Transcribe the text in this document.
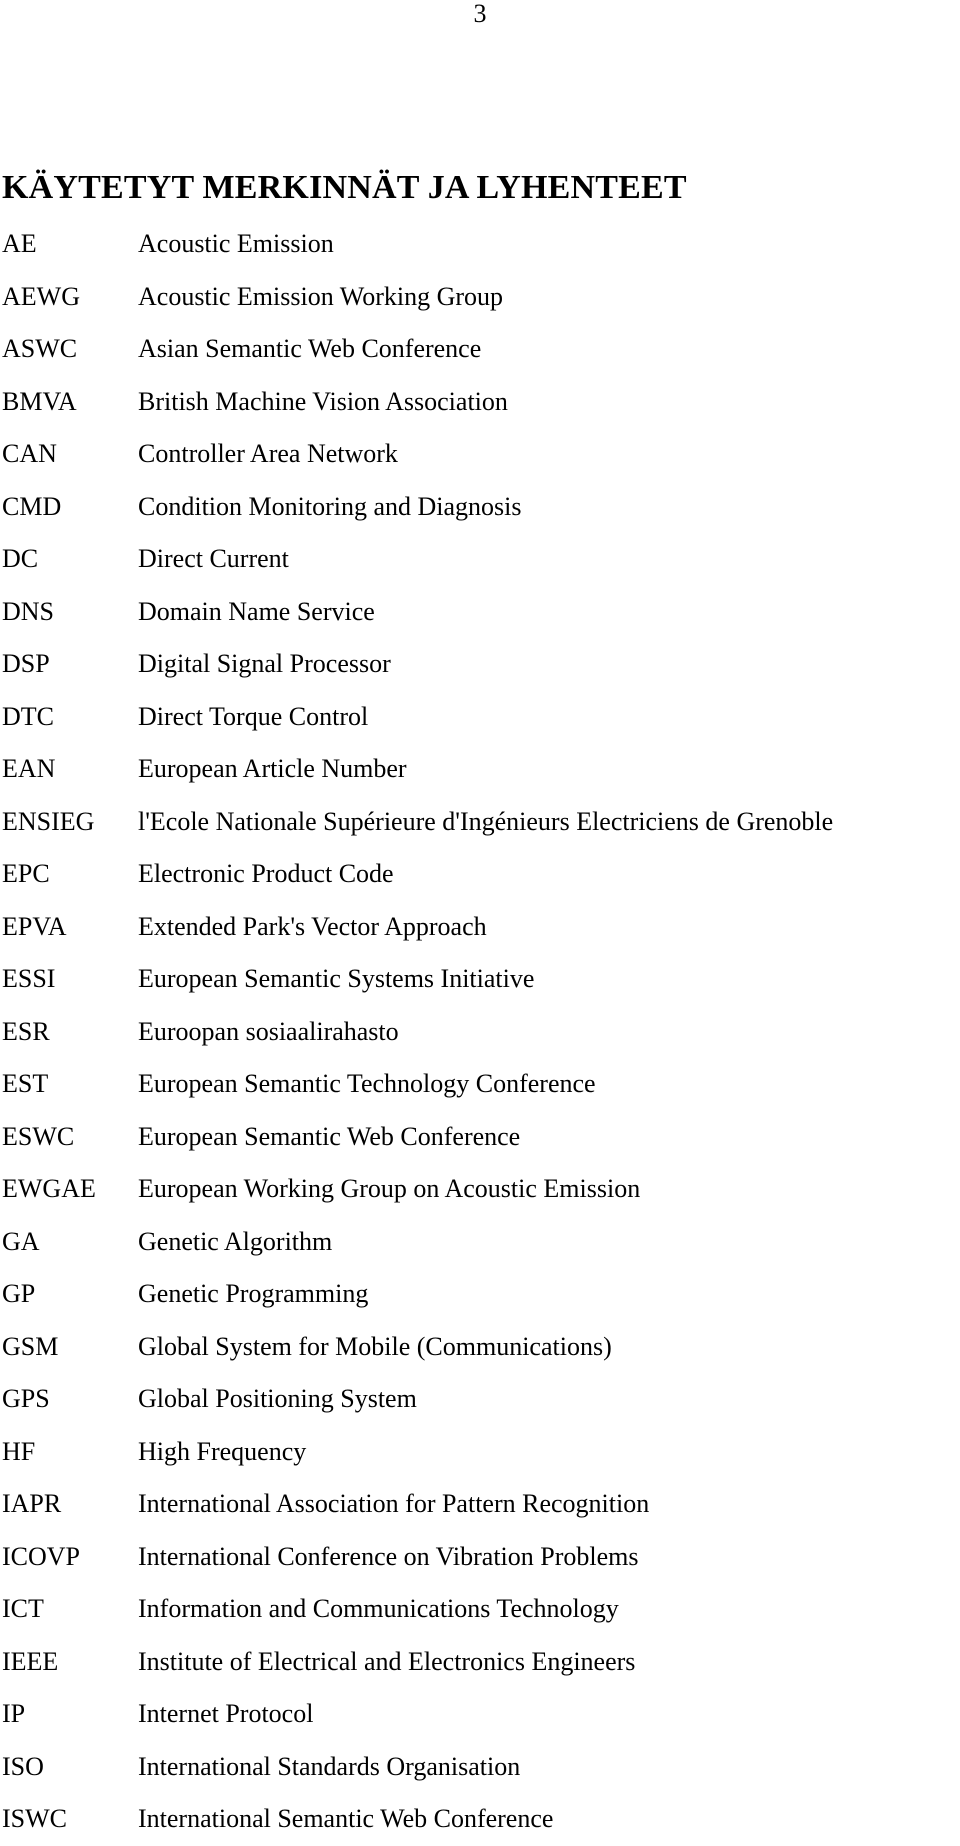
3
KÄYTETYT MERKINNÄT JA LYHENTEET
AE	Acoustic Emission
AEWG	Acoustic Emission Working Group
ASWC	Asian Semantic Web Conference
BMVA	British Machine Vision Association
CAN	Controller Area Network
CMD	Condition Monitoring and Diagnosis
DC	Direct Current
DNS	Domain Name Service
DSP	Digital Signal Processor
DTC	Direct Torque Control
EAN	European Article Number
ENSIEG	l'Ecole Nationale Supérieure d'Ingénieurs Electriciens de Grenoble
EPC	Electronic Product Code
EPVA	Extended Park's Vector Approach
ESSI	European Semantic Systems Initiative
ESR	Euroopan sosiaalirahasto
EST	European Semantic Technology Conference
ESWC	European Semantic Web Conference
EWGAE	European Working Group on Acoustic Emission
GA	Genetic Algorithm
GP	Genetic Programming
GSM	Global System for Mobile (Communications)
GPS	Global Positioning System
HF	High Frequency
IAPR	International Association for Pattern Recognition
ICOVP	International Conference on Vibration Problems
ICT	Information and Communications Technology
IEEE	Institute of Electrical and Electronics Engineers
IP	Internet Protocol
ISO	International Standards Organisation
ISWC	International Semantic Web Conference
